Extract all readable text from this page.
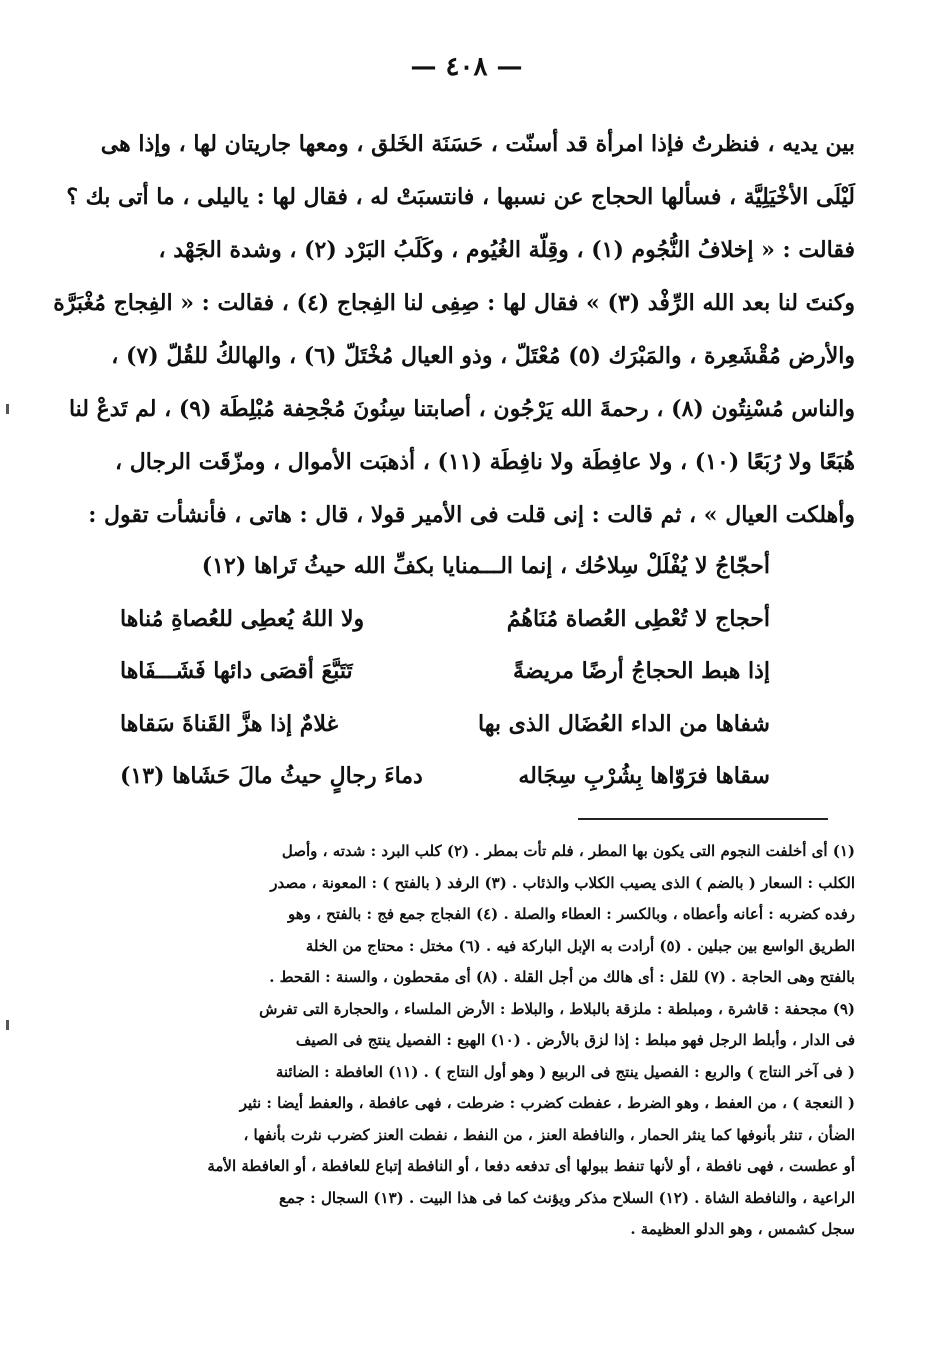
— ٤٠٨ —
بين يديه ، فنظرتُ فإذا امرأة قد أسنّت ، حَسَنَة الخَلق ، ومعها جاريتان لها ، وإذا هى
لَيْلَى الأخْيَلِيَّة ، فسألها الحجاج عن نسبها ، فانتسبَتْ له ، فقال لها : ياليلى ، ما أتى بك ؟
فقالت : « إخلافُ النُّجُوم (١) ، وقِلّة الغُيُوم ، وكَلَبُ البَرْد (٢) ، وشدة الجَهْد ،
وكنتَ لنا بعد الله الرِّفْد (٣) » فقال لها : صِفِى لنا الفِجاج (٤) ، فقالت : « الفِجاج مُغْبَرَّة
والأرض مُقْشَعِرة ، والمَبْرَك (٥) مُعْتَلّ ، وذو العيال مُخْتَلّ (٦) ، والهالكُ للقُلّ (٧) ،
والناس مُسْنِتُون (٨) ، رحمةَ الله يَرْجُون ، أصابتنا سِنُونَ مُجْحِفة مُبْلِطَة (٩) ، لم تَدعْ لنا
هُبَعًا ولا رُبَعًا (١٠) ، ولا عافِطَة ولا نافِطَة (١١) ، أذهبَت الأموال ، ومزّقَت الرجال ،
وأهلكت العيال » ، ثم قالت : إنى قلت فى الأمير قولا ، قال : هاتى ، فأنشأت تقول :
أحجّاجُ لا يُفْلَلْ سِلاحُك ، إنما الـــمنايا بكفِّ الله حيثُ تَراها (١٢)
أحجاج لا تُعْطِى العُصاة مُنَاهُمُ
ولا اللهُ يُعطِى للعُصاةِ مُناها
إذا هبط الحجاجُ أرضًا مريضةً
تَتَبَّعَ أقصَى دائها فَشَـــفَاها
شفاها من الداء العُضَال الذى بها
غلامٌ إذا هزَّ القَناةَ سَقاها
سقاها فرَوّاها بِشُرْبِ سِجَاله
دماءَ رجالٍ حيثُ مالَ حَشَاها (١٣)
(١) أى أخلفت النجوم التى يكون بها المطر ، فلم تأت بمطر . (٢) كلب البرد : شدته ، وأصل
الكلب : السعار ( بالضم ) الذى يصيب الكلاب والذئاب . (٣) الرفد ( بالفتح ) : المعونة ، مصدر
رفده كضربه : أعانه وأعطاه ، وبالكسر : العطاء والصلة . (٤) الفجاج جمع فج : بالفتح ، وهو
الطريق الواسع بين جبلين . (٥) أرادت به الإبل الباركة فيه . (٦) مختل : محتاج من الخلة
بالفتح وهى الحاجة . (٧) للقل : أى هالك من أجل القلة . (٨) أى مقحطون ، والسنة : القحط .
(٩) مجحفة : قاشرة ، ومبلطة : ملزقة بالبلاط ، والبلاط : الأرض الملساء ، والحجارة التى تفرش
فى الدار ، وأبلط الرجل فهو مبلط : إذا لزق بالأرض . (١٠) الهبع : الفصيل ينتج فى الصيف
( فى آخر النتاج ) والربع : الفصيل ينتج فى الربيع ( وهو أول النتاج ) . (١١) العافطة : الضائنة
( النعجة ) ، من العفط ، وهو الضرط ، عفطت كضرب : ضرطت ، فهى عافطة ، والعفط أيضا : نثير
الضأن ، تنثر بأنوفها كما ينثر الحمار ، والنافطة العنز ، من النفط ، نفطت العنز كضرب نثرت بأنفها ،
أو عطست ، فهى نافطة ، أو لأنها تنفط ببولها أى تدفعه دفعا ، أو النافطة إتباع للعافطة ، أو العافطة الأمة
الراعية ، والنافطة الشاة . (١٢) السلاح مذكر ويؤنث كما فى هذا البيت . (١٣) السجال : جمع
سجل كشمس ، وهو الدلو العظيمة .
